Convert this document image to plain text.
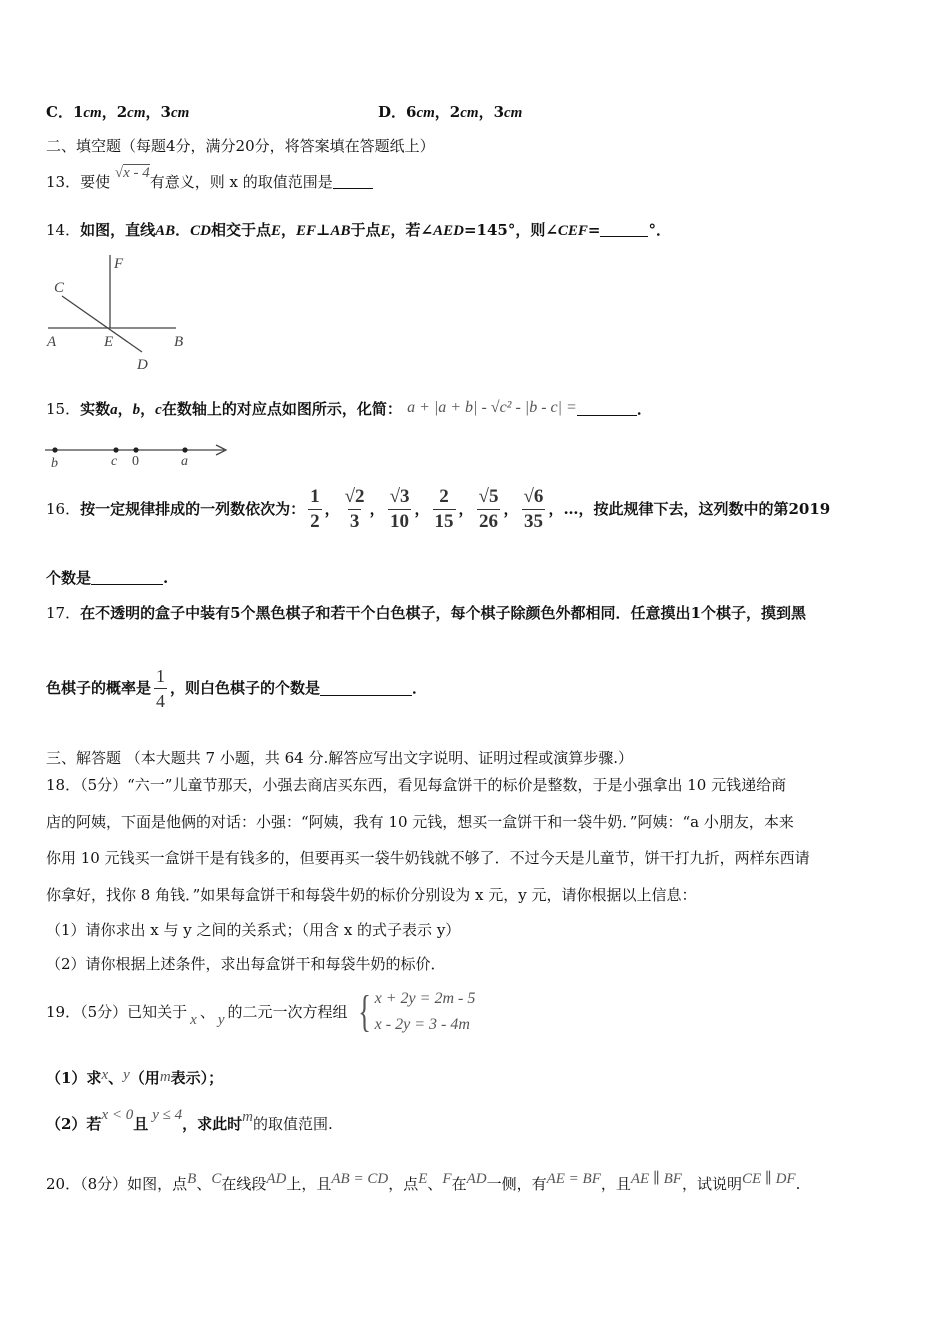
C．1cm，2cm，3cm	D．6cm，2cm，3cm
二、填空题（每题4分，满分20分，将答案填在答题纸上）
13．要使 √x - 4有意义，则 x 的取值范围是
14．如图，直线AB．CD相交于点E，EF⊥AB于点E，若∠AED=145°，则∠CEF=	°．
F
C
A	E	B
D
15．实数a，b，c在数轴上的对应点如图所示，化简： a + |a + b| - √c² - |b - c| =	．
b	c 0	a
16． 按一定规律排成的一列数依次为： $\frac{1}{2}$ ， $\frac{√2}{3}$ ， $\frac{√3}{10}$ ， $\frac{2}{15}$ ， $\frac{√5}{26}$ ， $\frac{√6}{35}$ ，…，按此规律下去，这列数中的第 2019
个数是	.
17．在不透明的盒子中装有5个黑色棋子和若干个白色棋子，每个棋子除颜色外都相同．任意摸出1个棋子，摸到黑
色棋子的概率是 $\frac{1}{4}$ ，则白色棋子的个数是	．
三、解答题 （本大题共 7 小题，共 64 分.解答应写出文字说明、证明过程或演算步骤.）
18．（5分）“六一”儿童节那天，小强去商店买东西，看见每盒饼干的标价是整数，于是小强拿出 10 元钱递给商
店的阿姨，下面是他俩的对话：小强：“阿姨，我有 10 元钱，想买一盒饼干和一袋牛奶．”阿姨：“a 小朋友，本来
你用 10 元钱买一盒饼干是有钱多的，但要再买一袋牛奶钱就不够了．不过今天是儿童节，饼干打九折，两样东西请
你拿好，找你 8 角钱．”如果每盒饼干和每袋牛奶的标价分别设为 x 元，y 元，请你根据以上信息：
（1）请你求出 x 与 y 之间的关系式；（用含 x 的式子表示 y）
（2）请你根据上述条件，求出每盒饼干和每袋牛奶的标价．
19．（5分） 已知关于 x 、 y 的二元一次方程组 { x + 2y = 2m - 5
x - 2y = 3 - 4m
（1）求x、y（用m表示）；
（2）若x < 0且 y ≤ 4，求此时m的取值范围.
20．（8分）如图，点B、C在线段AD上，且AB = CD，点E、F在AD一侧，有AE = BF，且AE ∥ BF，试说明CE ∥ DF.
